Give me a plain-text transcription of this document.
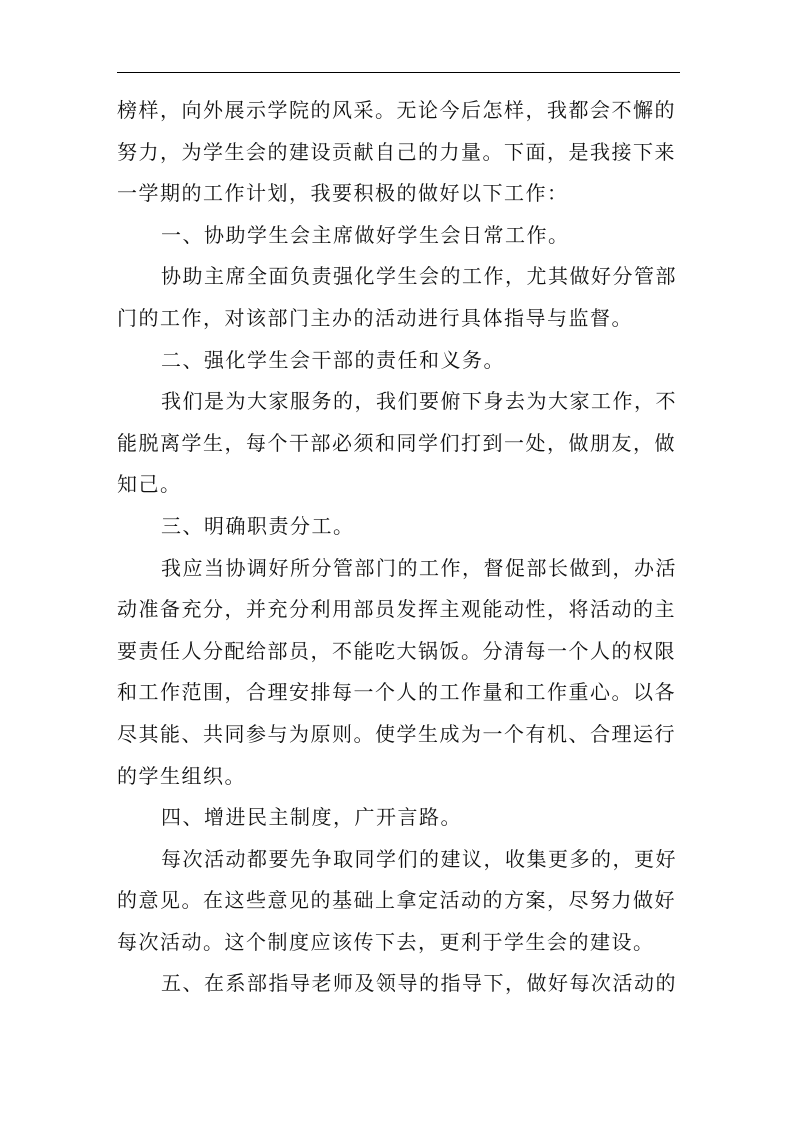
榜样，向外展示学院的风采。无论今后怎样，我都会不懈的
努力，为学生会的建设贡献自己的力量。下面，是我接下来
一学期的工作计划，我要积极的做好以下工作：
一、协助学生会主席做好学生会日常工作。
协助主席全面负责强化学生会的工作，尤其做好分管部
门的工作，对该部门主办的活动进行具体指导与监督。
二、强化学生会干部的责任和义务。
我们是为大家服务的，我们要俯下身去为大家工作，不
能脱离学生，每个干部必须和同学们打到一处，做朋友，做
知己。
三、明确职责分工。
我应当协调好所分管部门的工作，督促部长做到，办活
动准备充分，并充分利用部员发挥主观能动性，将活动的主
要责任人分配给部员，不能吃大锅饭。分清每一个人的权限
和工作范围，合理安排每一个人的工作量和工作重心。以各
尽其能、共同参与为原则。使学生成为一个有机、合理运行
的学生组织。
四、增进民主制度，广开言路。
每次活动都要先争取同学们的建议，收集更多的，更好
的意见。在这些意见的基础上拿定活动的方案，尽努力做好
每次活动。这个制度应该传下去，更利于学生会的建设。
五、在系部指导老师及领导的指导下，做好每次活动的
